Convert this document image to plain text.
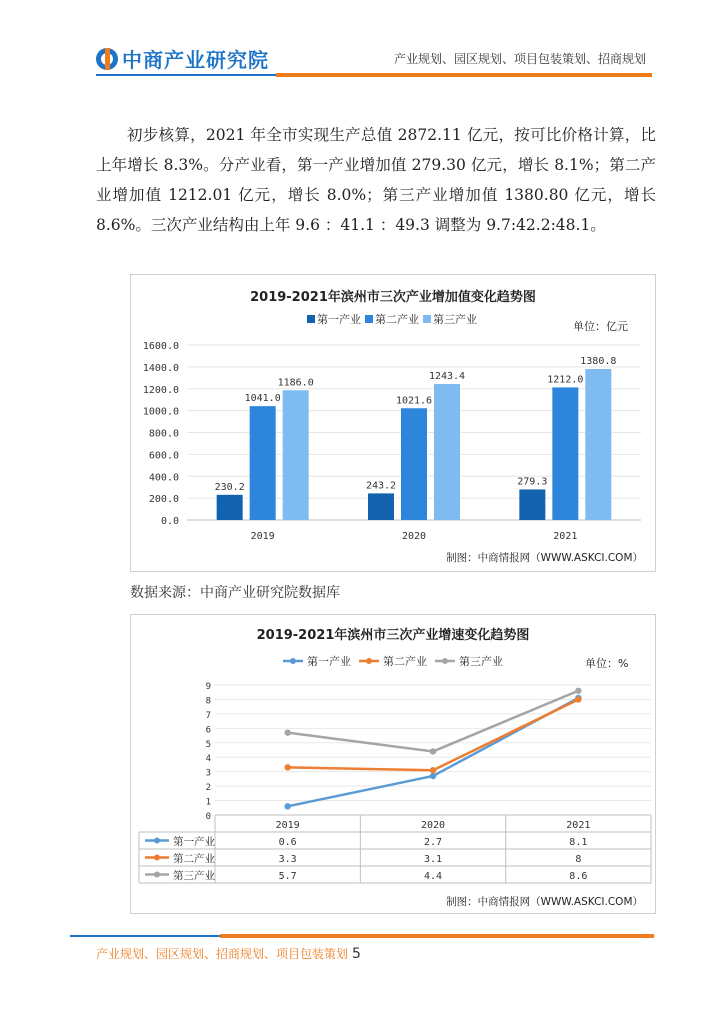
中商产业研究院	产业规划、园区规划、项目包装策划、招商规划
初步核算，2021 年全市实现生产总值 2872.11 亿元，按可比价格计算，比上年增长 8.3%。分产业看，第一产业增加值 279.30 亿元，增长 8.1%；第二产业增加值 1212.01 亿元，增长 8.0%；第三产业增加值 1380.80 亿元，增长 8.6%。三次产业结构由上年 9.6 ：41.1 ：49.3 调整为 9.7:42.2:48.1。
2019-2021年滨州市三次产业增加值变化趋势图
第一产业 第二产业 第三产业
单位：亿元
0.0
200.0
400.0
600.0
800.0
1000.0
1200.0
1400.0
1600.0
2019
230.2
1041.0
1186.0
2020
243.2
1021.6
1243.4
2021
279.3
1212.0
1380.8
制图：中商情报网（WWW.ASKCI.COM）
数据来源：中商产业研究院数据库
2019-2021年滨州市三次产业增速变化趋势图
第一产业	第二产业	第三产业	单位：%
0
1
2
3
4
5
6
7
8
9
2019	2020	2021
第一产业	0.6	2.7	8.1
第二产业	3.3	3.1	8
第三产业	5.7	4.4	8.6
制图：中商情报网（WWW.ASKCI.COM）
产业规划、园区规划、招商规划、项目包装策划 5
